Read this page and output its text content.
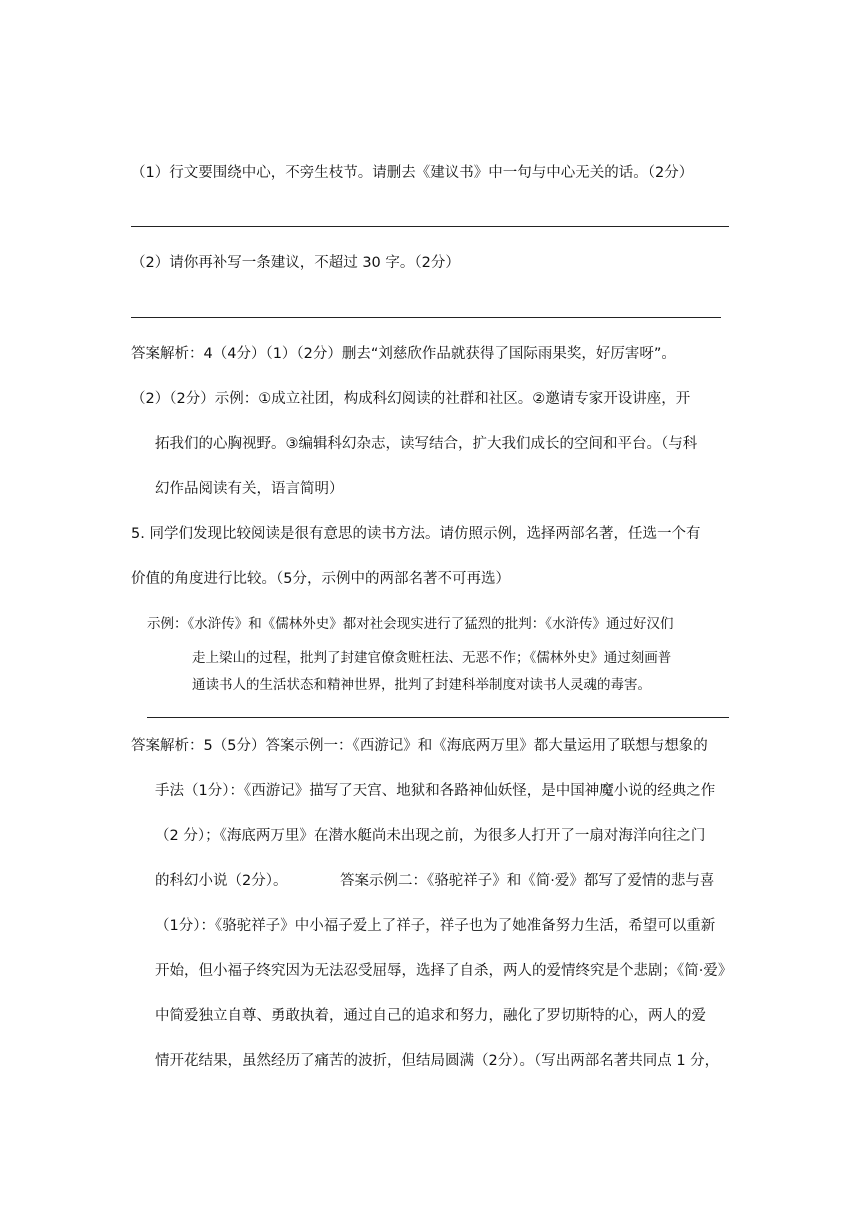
（1）行文要围绕中心，不旁生枝节。请删去《建议书》中一句与中心无关的话。（2分）
（2）请你再补写一条建议，不超过 30 字。（2分）
答案解析：4（4分）（1）（2分）删去“刘慈欣作品就获得了国际雨果奖，好厉害呀”。
（2）（2分）示例：①成立社团，构成科幻阅读的社群和社区。②邀请专家开设讲座，开
拓我们的心胸视野。③编辑科幻杂志，读写结合，扩大我们成长的空间和平台。（与科
幻作品阅读有关，语言简明）
5. 同学们发现比较阅读是很有意思的读书方法。请仿照示例，选择两部名著，任选一个有
价值的角度进行比较。（5分，示例中的两部名著不可再选）
示例：《水浒传》和《儒林外史》都对社会现实进行了猛烈的批判：《水浒传》通过好汉们
走上梁山的过程，批判了封建官僚贪赃枉法、无恶不作；《儒林外史》通过刻画普
通读书人的生活状态和精神世界，批判了封建科举制度对读书人灵魂的毒害。
答案解析：5（5分）答案示例一：《西游记》和《海底两万里》都大量运用了联想与想象的
手法（1分）：《西游记》描写了天宫、地狱和各路神仙妖怪，是中国神魔小说的经典之作
（2 分）；《海底两万里》在潜水艇尚未出现之前，为很多人打开了一扇对海洋向往之门
的科幻小说（2分）。	答案示例二：《骆驼祥子》和《简·爱》都写了爱情的悲与喜
（1分）：《骆驼祥子》中小福子爱上了祥子，祥子也为了她准备努力生活，希望可以重新
开始，但小福子终究因为无法忍受屈辱，选择了自杀，两人的爱情终究是个悲剧；《简·爱》
中简爱独立自尊、勇敢执着，通过自己的追求和努力，融化了罗切斯特的心，两人的爱
情开花结果，虽然经历了痛苦的波折，但结局圆满（2分）。（写出两部名著共同点 1 分，
